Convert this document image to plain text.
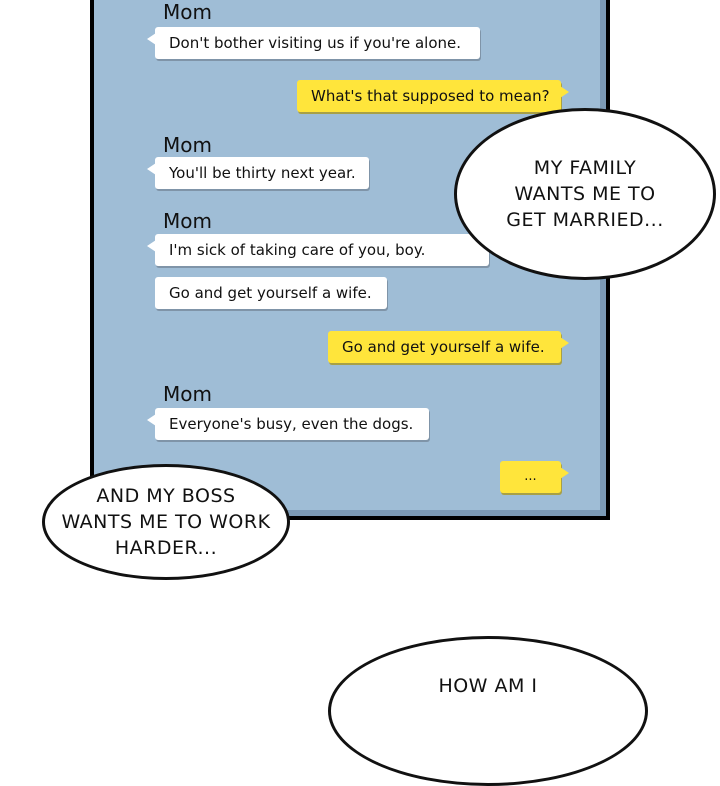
Mom
Don't bother visiting us if you're alone.
What's that supposed to mean?
Mom
You'll be thirty next year.
Mom
I'm sick of taking care of you, boy.
Go and get yourself a wife.
Go and get yourself a wife.
Mom
Everyone's busy, even the dogs.
...
MY FAMILY
WANTS ME TO
GET MARRIED...
AND MY BOSS
WANTS ME TO WORK
HARDER...
HOW AM I
